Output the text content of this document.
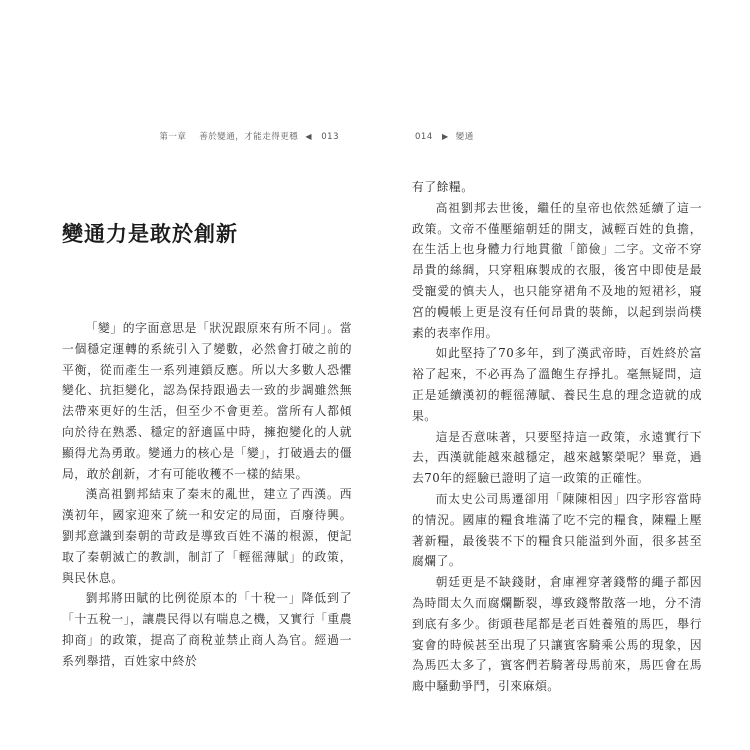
第一章 善於變通，才能走得更穩 ◀ 013
變通力是敢於創新

「變」的字面意思是「狀況跟原來有所不同」。當一個穩定運轉的系統引入了變數，必然會打破之前的平衡，從而產生一系列連鎖反應。所以大多數人恐懼變化、抗拒變化，認為保持跟過去一致的步調雖然無法帶來更好的生活，但至少不會更差。當所有人都傾向於待在熟悉、穩定的舒適區中時，擁抱變化的人就顯得尤為勇敢。變通力的核心是「變」，打破過去的僵局，敢於創新，才有可能收穫不一樣的結果。

漢高祖劉邦結束了秦末的亂世，建立了西漢。西漢初年，國家迎來了統一和安定的局面，百廢待興。劉邦意識到秦朝的苛政是導致百姓不滿的根源，便記取了秦朝滅亡的教訓，制訂了「輕徭薄賦」的政策，與民休息。

劉邦將田賦的比例從原本的「十稅一」降低到了「十五稅一」，讓農民得以有喘息之機，又實行「重農抑商」的政策，提高了商稅並禁止商人為官。經過一系列舉措，百姓家中終於

014 ▶ 變通

有了餘糧。

高祖劉邦去世後，繼任的皇帝也依然延續了這一政策。文帝不僅壓縮朝廷的開支，減輕百姓的負擔，在生活上也身體力行地貫徹「節儉」二字。文帝不穿昂貴的絲綢，只穿粗麻製成的衣服，後宮中即使是最受寵愛的慎夫人，也只能穿裙角不及地的短裙衫，寢宮的幔帳上更是沒有任何昂貴的裝飾，以起到崇尚樸素的表率作用。

如此堅持了70多年，到了漢武帝時，百姓終於富裕了起來，不必再為了溫飽生存掙扎。毫無疑問，這正是延續漢初的輕徭薄賦、養民生息的理念造就的成果。

這是否意味著，只要堅持這一政策，永遠實行下去，西漢就能越來越穩定，越來越繁榮呢？畢竟，過去70年的經驗已證明了這一政策的正確性。

而太史公司馬遷卻用「陳陳相因」四字形容當時的情況。國庫的糧食堆滿了吃不完的糧食，陳糧上壓著新糧，最後裝不下的糧食只能溢到外面，很多甚至腐爛了。

朝廷更是不缺錢財，倉庫裡穿著錢幣的繩子都因為時間太久而腐爛斷裂，導致錢幣散落一地，分不清到底有多少。街頭巷尾都是老百姓養殖的馬匹，舉行宴會的時候甚至出現了只讓賓客騎乘公馬的現象，因為馬匹太多了，賓客們若騎著母馬前來，馬匹會在馬廄中騷動爭鬥，引來麻煩。
